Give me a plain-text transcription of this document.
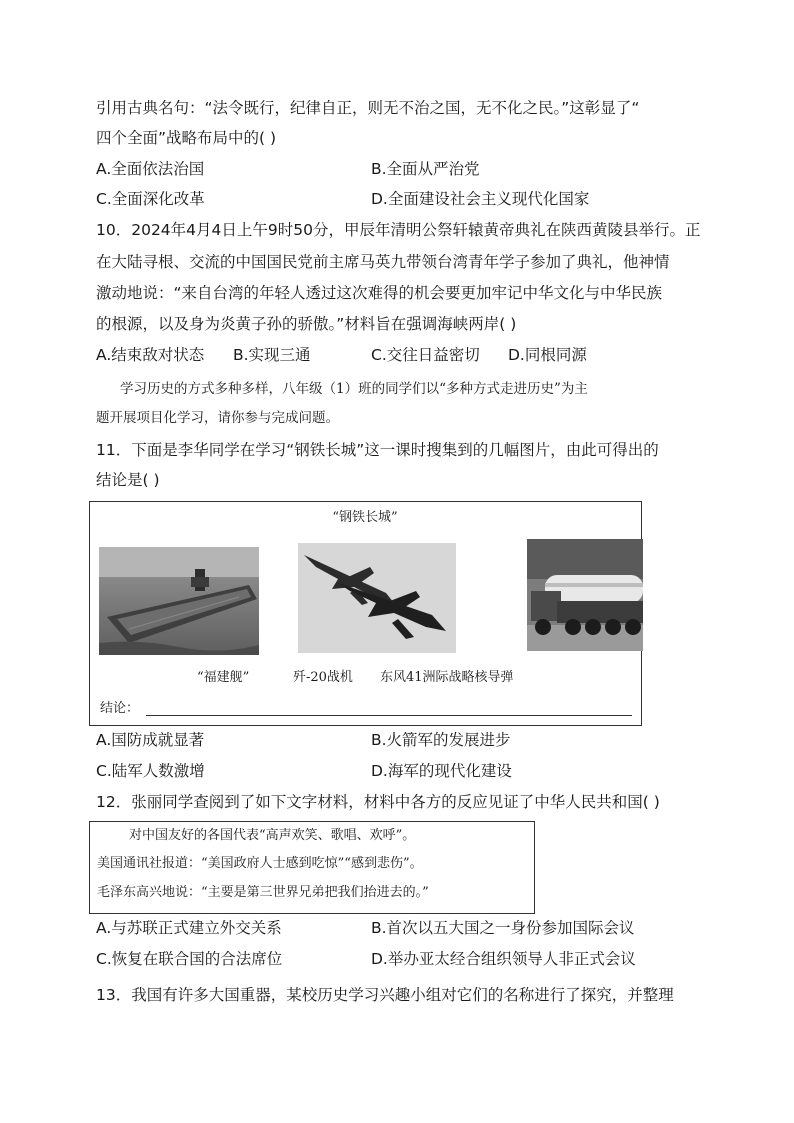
引用古典名句：“法令既行，纪律自正，则无不治之国，无不化之民。”这彰显了“
四个全面”战略布局中的( )
A.全面依法治国	B.全面从严治党
C.全面深化改革	D.全面建设社会主义现代化国家
10．2024年4月4日上午9时50分，甲辰年清明公祭轩辕黄帝典礼在陕西黄陵县举行。正
在大陆寻根、交流的中国国民党前主席马英九带领台湾青年学子参加了典礼，他神情
激动地说：“来自台湾的年轻人透过这次难得的机会要更加牢记中华文化与中华民族
的根源，以及身为炎黄子孙的骄傲。”材料旨在强调海峡两岸( )
A.结束敌对状态 B.实现三通	C.交往日益密切 D.同根同源
学习历史的方式多种多样，八年级（1）班的同学们以“多种方式走进历史”为主
题开展项目化学习，请你参与完成问题。
11．下面是李华同学在学习“钢铁长城”这一课时搜集到的几幅图片，由此可得出的
结论是( )
“钢铁长城”
“福建舰”	歼-20战机 东风41洲际战略核导弹
结论：
A.国防成就显著	B.火箭军的发展进步
C.陆军人数激增	D.海军的现代化建设
12．张丽同学查阅到了如下文字材料，材料中各方的反应见证了中华人民共和国( )
对中国友好的各国代表“高声欢笑、歌唱、欢呼”。
美国通讯社报道：“美国政府人士感到吃惊”“感到悲伤”。
毛泽东高兴地说：“主要是第三世界兄弟把我们抬进去的。”
A.与苏联正式建立外交关系	B.首次以五大国之一身份参加国际会议
C.恢复在联合国的合法席位	D.举办亚太经合组织领导人非正式会议
13．我国有许多大国重器，某校历史学习兴趣小组对它们的名称进行了探究，并整理
